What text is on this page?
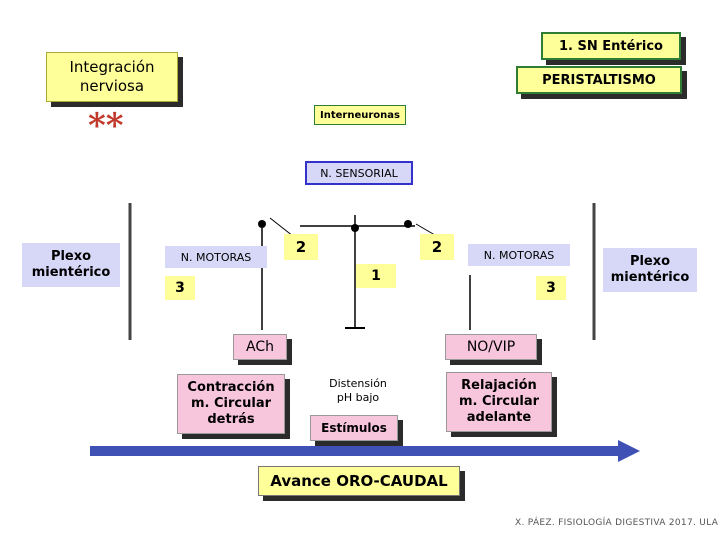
1. SN Entérico
Integración
nerviosa
**
PERISTALTISMO
Interneuronas
N. SENSORIAL
Plexo
mientérico
Plexo
mientérico
N. MOTORAS	N. MOTORAS
2	2
1
3	3
ACh	NO/VIP
Contracción
m. Circular
detrás
Distensión
pH bajo
Estímulos
Relajación
m. Circular
adelante
Avance ORO-CAUDAL
X. PÁEZ. FISIOLOGÍA DIGESTIVA 2017. ULA
